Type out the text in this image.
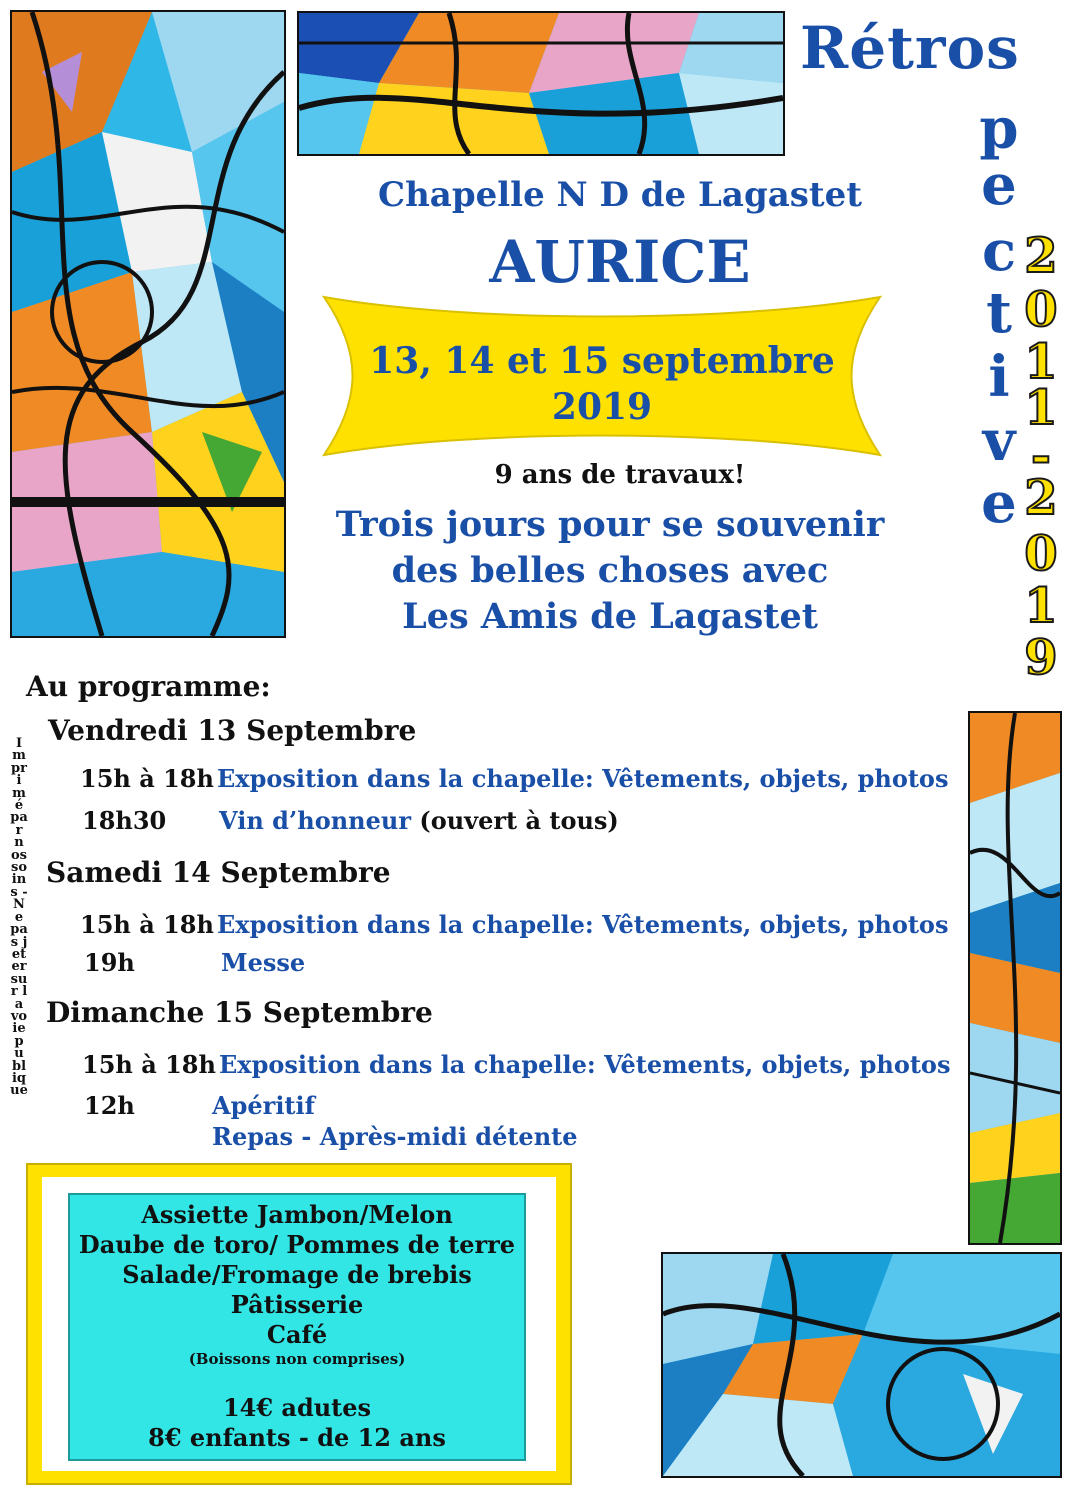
Rétros
p
e
c
t
i
v
e
2
0
1
1
-
2
0
1
9
Chapelle N D de Lagastet
AURICE
13, 14 et 15 septembre
2019
9 ans de travaux!
Trois jours pour se souvenir
des belles choses avec
Les Amis de Lagastet
Au programme:
Vendredi 13 Septembre
15h à 18h Exposition dans la chapelle: Vêtements, objets, photos
18h30 Vin d’honneur (ouvert à tous)
Samedi 14 Septembre
15h à 18h Exposition dans la chapelle: Vêtements, objets, photos
19h	Messe
Dimanche 15 Septembre
15h à 18h Exposition dans la chapelle: Vêtements, objets, photos
12h	Apéritif
Repas - Après-midi détente
Imprimé par nos soins - Ne pas jeter sur la voie publique
Assiette Jambon/Melon
Daube de toro/ Pommes de terre
Salade/Fromage de brebis
Pâtisserie
Café
(Boissons non comprises)
14€ adutes
8€ enfants - de 12 ans
